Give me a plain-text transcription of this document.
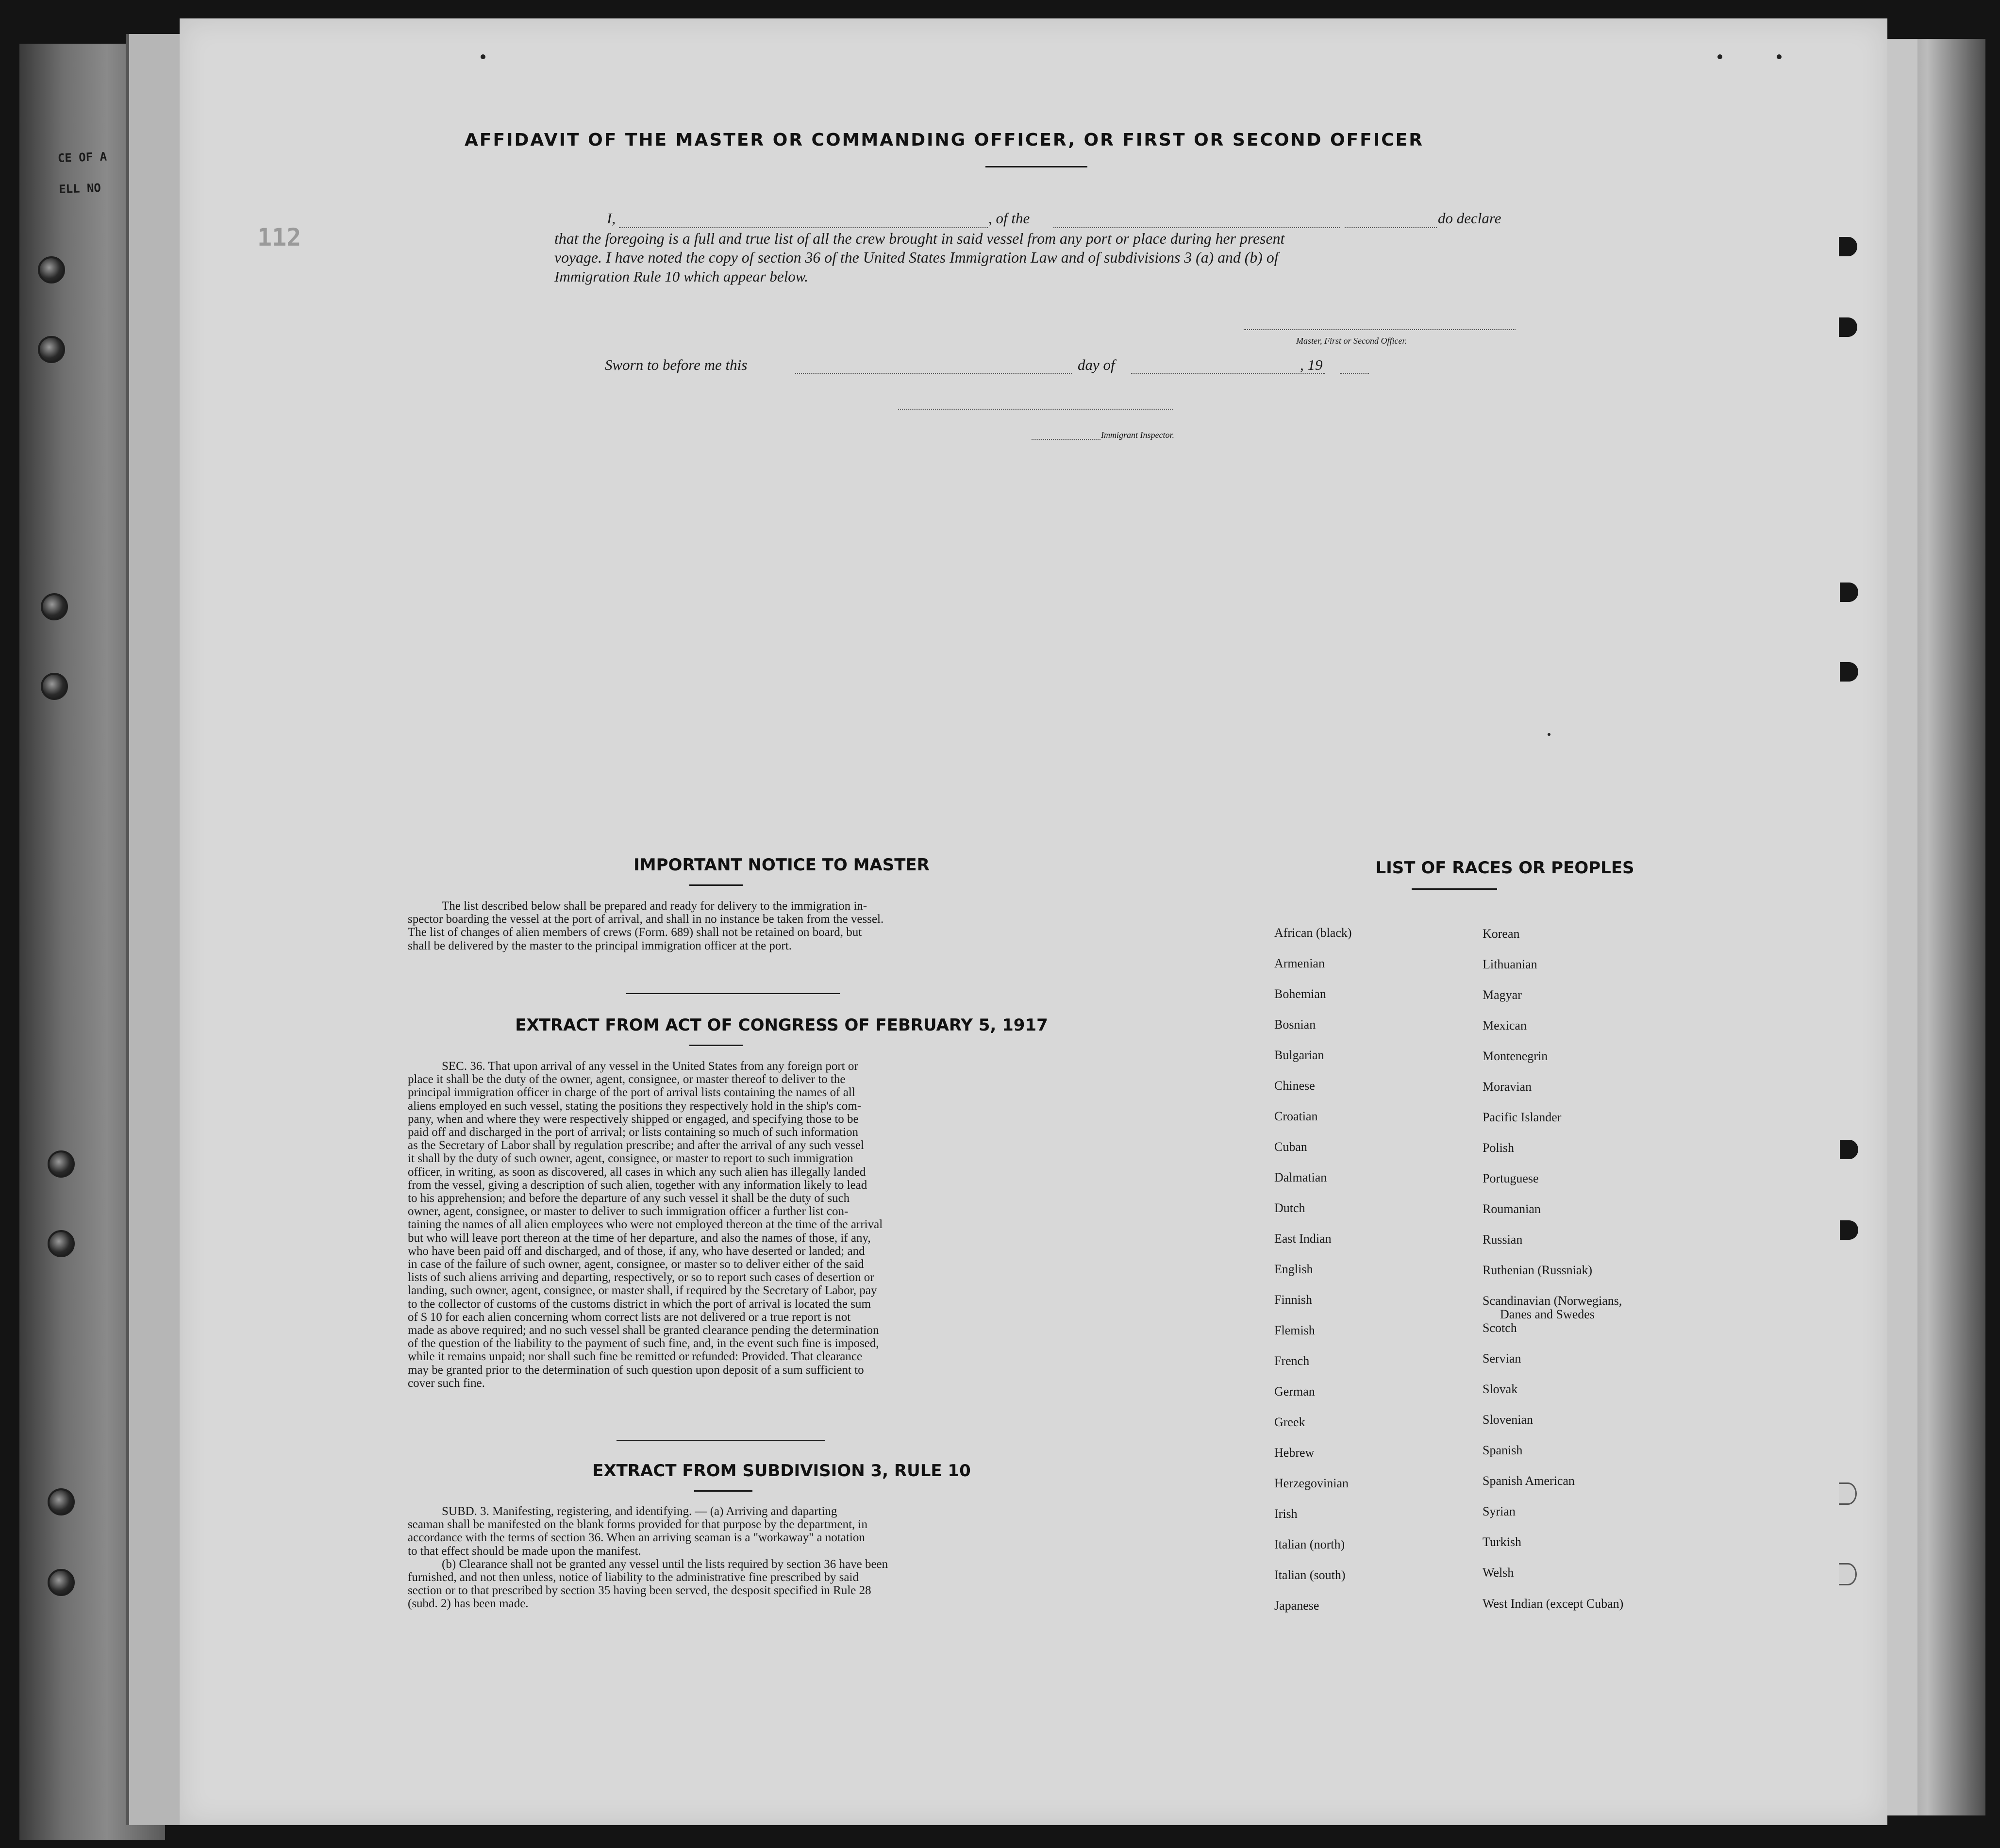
CE OF A
ELL NO
AFFIDAVIT OF THE MASTER OR COMMANDING OFFICER, OR FIRST OR SECOND OFFICER
I,	, of the	do declare
that the foregoing is a full and true list of all the crew brought in said vessel from any port or place during her present
voyage. I have noted the copy of section 36 of the United States Immigration Law and of subdivisions 3 (a) and (b) of
Immigration Rule 10 which appear below.
Master, First or Second Officer.
Sworn to before me this	day of	, 19
Immigrant Inspector.
IMPORTANT NOTICE TO MASTER
The list described below shall be prepared and ready for delivery to the immigration in-
spector boarding the vessel at the port of arrival, and shall in no instance be taken from the vessel.
The list of changes of alien members of crews (Form. 689) shall not be retained on board, but
shall be delivered by the master to the principal immigration officer at the port.
EXTRACT FROM ACT OF CONGRESS OF FEBRUARY 5, 1917
SEC. 36. That upon arrival of any vessel in the United States from any foreign port or
place it shall be the duty of the owner, agent, consignee, or master thereof to deliver to the
principal immigration officer in charge of the port of arrival lists containing the names of all
aliens employed en such vessel, stating the positions they respectively hold in the ship's com-
pany, when and where they were respectively shipped or engaged, and specifying those to be
paid off and discharged in the port of arrival; or lists containing so much of such information
as the Secretary of Labor shall by regulation prescribe; and after the arrival of any such vessel
it shall by the duty of such owner, agent, consignee, or master to report to such immigration
officer, in writing, as soon as discovered, all cases in which any such alien has illegally landed
from the vessel, giving a description of such alien, together with any information likely to lead
to his apprehension; and before the departure of any such vessel it shall be the duty of such
owner, agent, consignee, or master to deliver to such immigration officer a further list con-
taining the names of all alien employees who were not employed thereon at the time of the arrival
but who will leave port thereon at the time of her departure, and also the names of those, if any,
who have been paid off and discharged, and of those, if any, who have deserted or landed; and
in case of the failure of such owner, agent, consignee, or master so to deliver either of the said
lists of such aliens arriving and departing, respectively, or so to report such cases of desertion or
landing, such owner, agent, consignee, or master shall, if required by the Secretary of Labor, pay
to the collector of customs of the customs district in which the port of arrival is located the sum
of $ 10 for each alien concerning whom correct lists are not delivered or a true report is not
made as above required; and no such vessel shall be granted clearance pending the determination
of the question of the liability to the payment of such fine, and, in the event such fine is imposed,
while it remains unpaid; nor shall such fine be remitted or refunded: Provided. That clearance
may be granted prior to the determination of such question upon deposit of a sum sufficient to
cover such fine.
EXTRACT FROM SUBDIVISION 3, RULE 10
SUBD. 3. Manifesting, registering, and identifying. — (a) Arriving and daparting
seaman shall be manifested on the blank forms provided for that purpose by the department, in
accordance with the terms of section 36. When an arriving seaman is a "workaway" a notation
to that effect should be made upon the manifest.
(b) Clearance shall not be granted any vessel until the lists required by section 36 have been
furnished, and not then unless, notice of liability to the administrative fine prescribed by said
section or to that prescribed by section 35 having been served, the desposit specified in Rule 28
(subd. 2) has been made.
LIST OF RACES OR PEOPLES
African (black)
Armenian
Bohemian
Bosnian
Bulgarian
Chinese
Croatian
Cuban
Dalmatian
Dutch
East Indian
English
Finnish
Flemish
French
German
Greek
Hebrew
Herzegovinian
Irish
Italian (north)
Italian (south)
Japanese
Korean
Lithuanian
Magyar
Mexican
Montenegrin
Moravian
Pacific Islander
Polish
Portuguese
Roumanian
Russian
Ruthenian (Russniak)
Scandinavian (Norwegians,
Danes and Swedes
Scotch
Servian
Slovak
Slovenian
Spanish
Spanish American
Syrian
Turkish
Welsh
West Indian (except Cuban)
112
